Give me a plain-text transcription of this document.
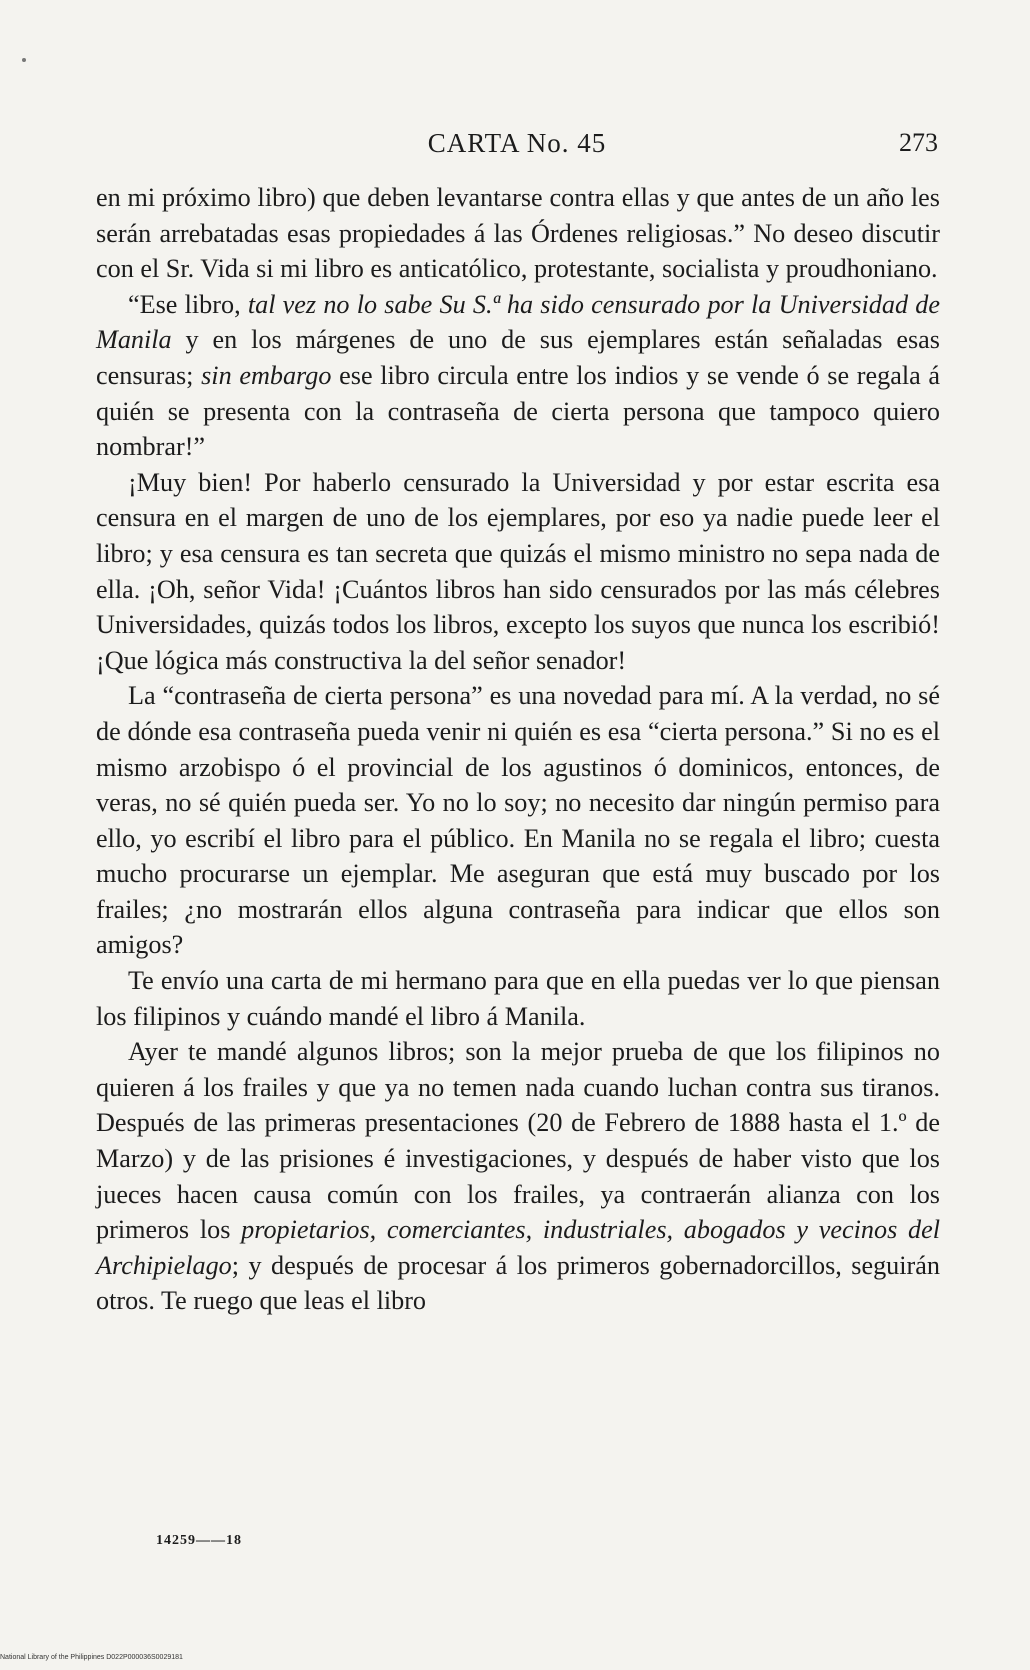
CARTA No. 45	273

en mi próximo libro) que deben levantarse contra ellas y que antes de un año les serán arrebatadas esas propiedades á las Órdenes religiosas.” No deseo discutir con el Sr. Vida si mi libro es anticatólico, protestante, socialista y proudhoniano.

“Ese libro, tal vez no lo sabe Su S.ª ha sido censurado por la Universidad de Manila y en los márgenes de uno de sus ejemplares están señaladas esas censuras; sin embargo ese libro circula entre los indios y se vende ó se regala á quién se presenta con la contraseña de cierta persona que tampoco quiero nombrar!”

¡Muy bien! Por haberlo censurado la Universidad y por estar escrita esa censura en el margen de uno de los ejemplares, por eso ya nadie puede leer el libro; y esa censura es tan secreta que quizás el mismo ministro no sepa nada de ella. ¡Oh, señor Vida! ¡Cuántos libros han sido censurados por las más célebres Universidades, quizás todos los libros, excepto los suyos que nunca los escribió! ¡Que lógica más constructiva la del señor senador!

La “contraseña de cierta persona” es una novedad para mí. A la verdad, no sé de dónde esa contraseña pueda venir ni quién es esa “cierta persona.” Si no es el mismo arzobispo ó el provincial de los agustinos ó dominicos, entonces, de veras, no sé quién pueda ser. Yo no lo soy; no necesito dar ningún permiso para ello, yo escribí el libro para el público. En Manila no se regala el libro; cuesta mucho procurarse un ejemplar. Me aseguran que está muy buscado por los frailes; ¿no mostrarán ellos alguna contraseña para indicar que ellos son amigos?

Te envío una carta de mi hermano para que en ella puedas ver lo que piensan los filipinos y cuándo mandé el libro á Manila.

Ayer te mandé algunos libros; son la mejor prueba de que los filipinos no quieren á los frailes y que ya no temen nada cuando luchan contra sus tiranos. Después de las primeras presentaciones (20 de Febrero de 1888 hasta el 1.º de Marzo) y de las prisiones é investigaciones, y después de haber visto que los jueces hacen causa común con los frailes, ya contraerán alianza con los primeros los propietarios, comerciantes, industriales, abogados y vecinos del Archipielago; y después de procesar á los primeros gobernadorcillos, seguirán otros. Te ruego que leas el libro

14259——18
National Library of the Philippines D022P000036S0029181
